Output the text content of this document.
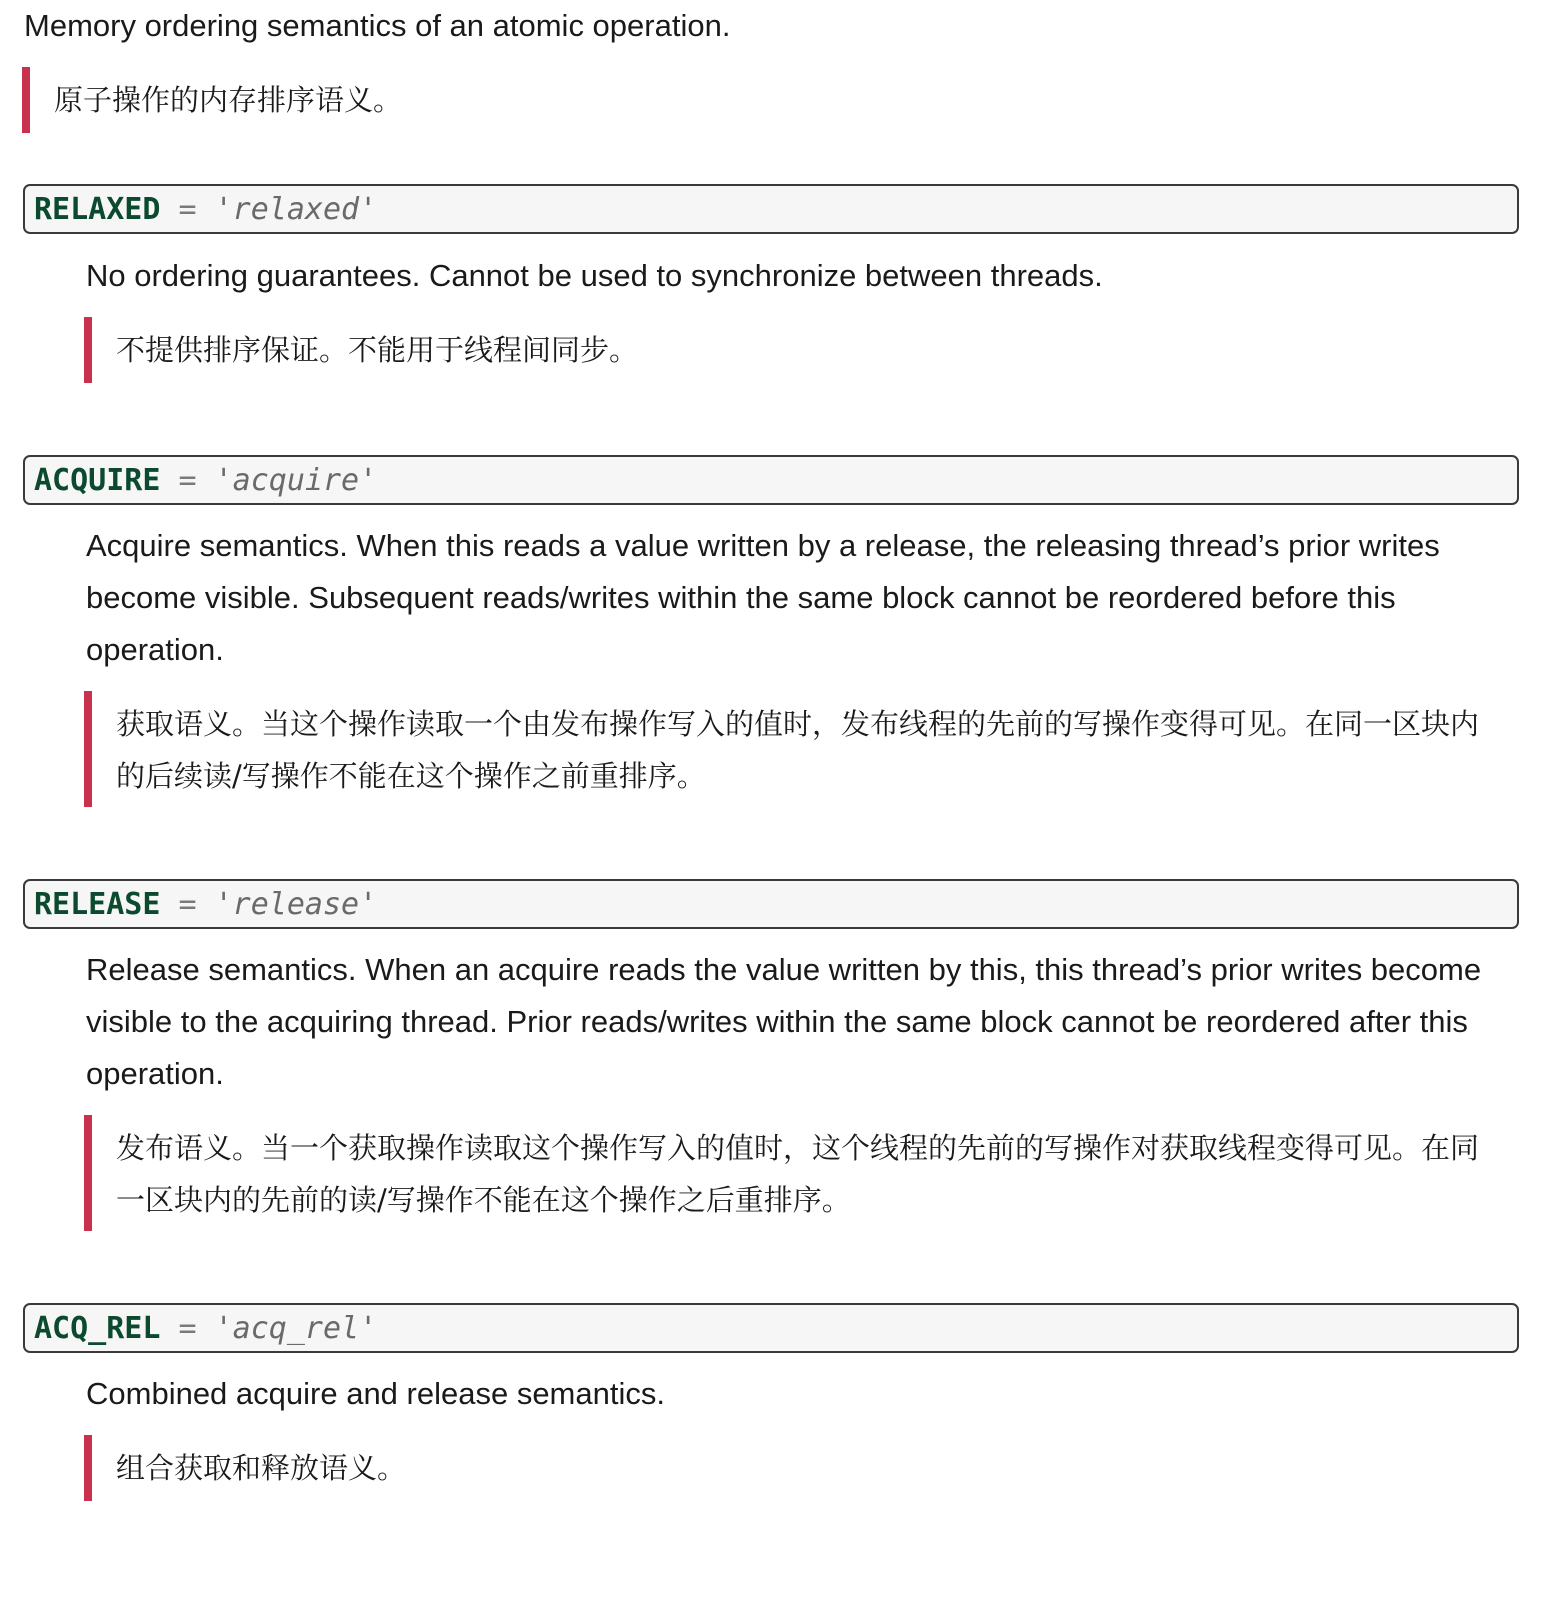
Memory ordering semantics of an atomic operation.

原子操作的内存排序语义。
RELAXED = 'relaxed'

No ordering guarantees. Cannot be used to synchronize between threads.

不提供排序保证。不能用于线程间同步。
ACQUIRE = 'acquire'

Acquire semantics. When this reads a value written by a release, the releasing thread’s prior writes become visible. Subsequent reads/writes within the same block cannot be reordered before this operation.

获取语义。当这个操作读取一个由发布操作写入的值时，发布线程的先前的写操作变得可见。在同一区块内的后续读/写操作不能在这个操作之前重排序。
RELEASE = 'release'

Release semantics. When an acquire reads the value written by this, this thread’s prior writes become visible to the acquiring thread. Prior reads/writes within the same block cannot be reordered after this operation.

发布语义。当一个获取操作读取这个操作写入的值时，这个线程的先前的写操作对获取线程变得可见。在同一区块内的先前的读/写操作不能在这个操作之后重排序。
ACQ_REL = 'acq_rel'

Combined acquire and release semantics.

组合获取和释放语义。
